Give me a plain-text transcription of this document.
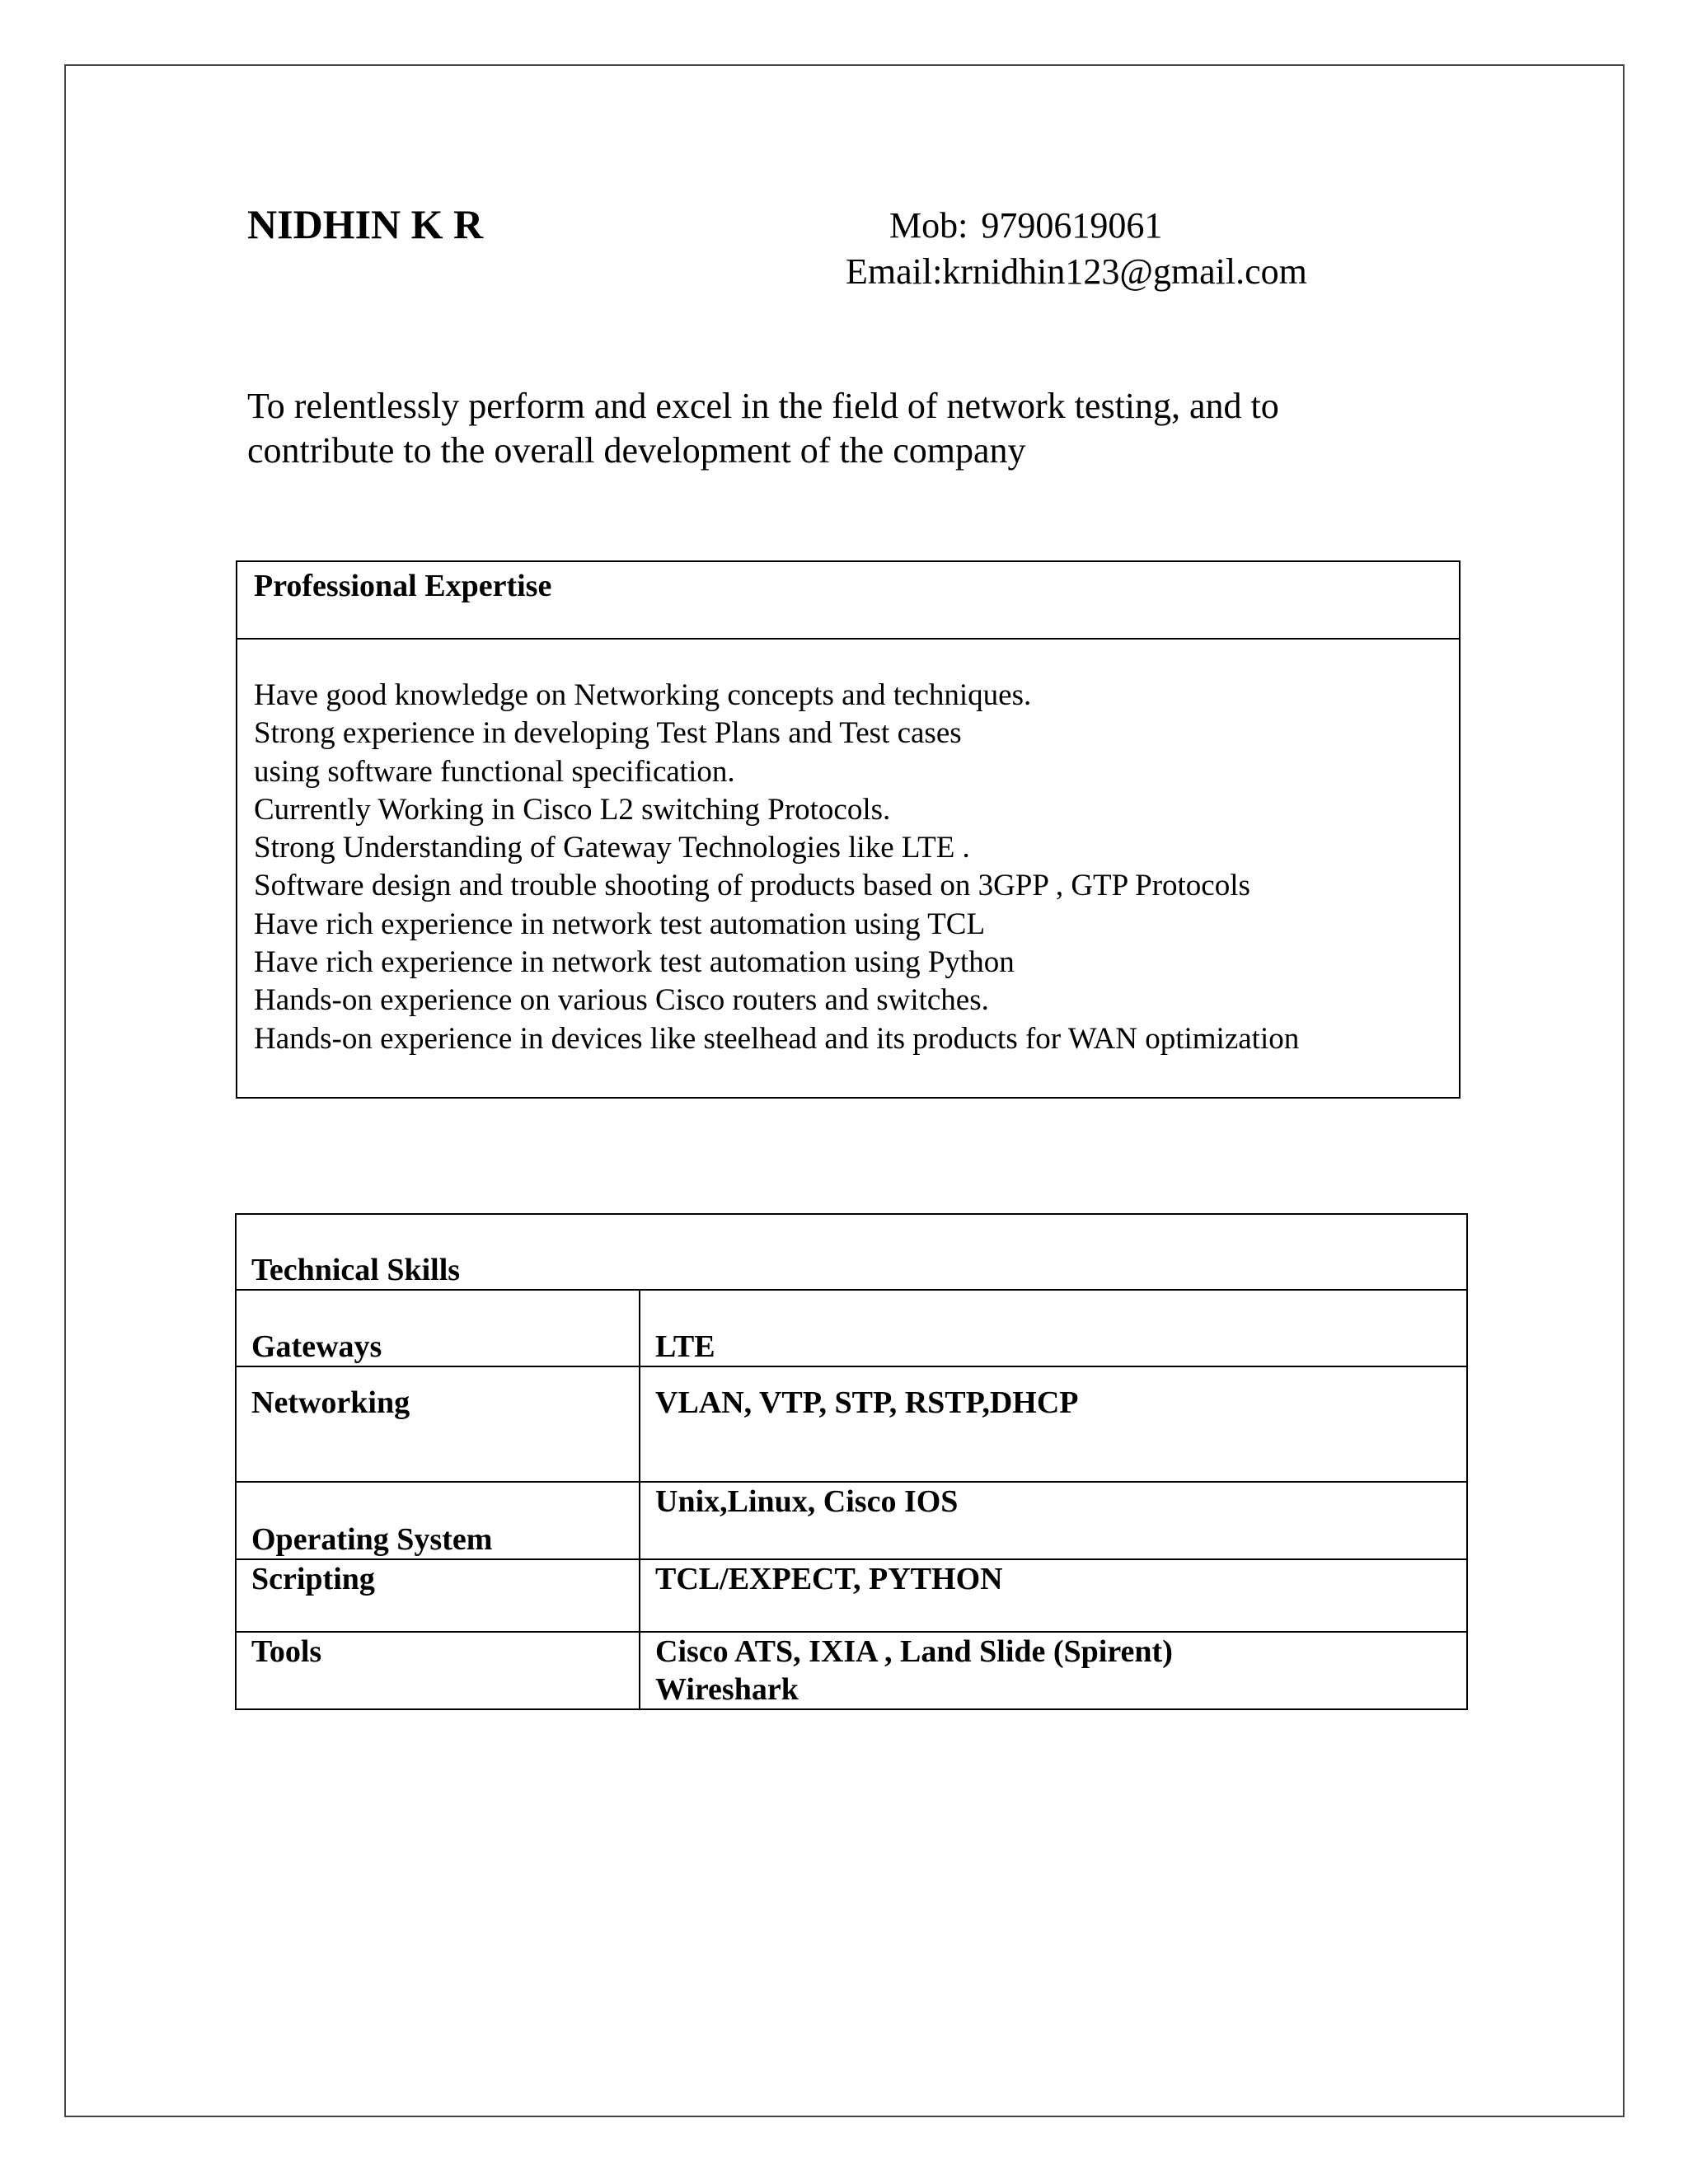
NIDHIN K R	Mob: 9790619061
Email:krnidhin123@gmail.com

To relentlessly perform and excel in the field of network testing, and to
contribute to the overall development of the company

Professional Expertise
Have good knowledge on Networking concepts and techniques.
Strong experience in developing Test Plans and Test cases
using software functional specification.
Currently Working in Cisco L2 switching Protocols.
Strong Understanding of Gateway Technologies like LTE .
Software design and trouble shooting of products based on 3GPP , GTP Protocols
Have rich experience in network test automation using TCL
Have rich experience in network test automation using Python
Hands-on experience on various Cisco routers and switches.
Hands-on experience in devices like steelhead and its products for WAN optimization
Technical Skills	
Gateways	LTE
Networking	VLAN, VTP, STP, RSTP,DHCP
Operating System	Unix,Linux, Cisco IOS
Scripting	TCL/EXPECT, PYTHON
Tools	Cisco ATS, IXIA , Land Slide (Spirent)
Wireshark
